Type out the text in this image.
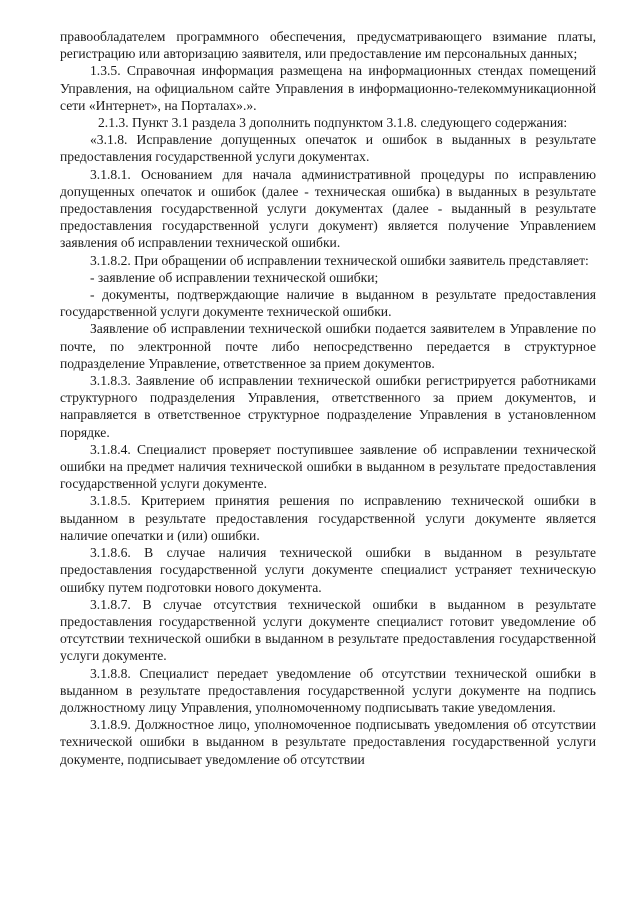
правообладателем программного обеспечения, предусматривающего взимание платы, регистрацию или авторизацию заявителя, или предоставление им персональных данных;

1.3.5. Справочная информация размещена на информационных стендах помещений Управления, на официальном сайте Управления в информационно-телекоммуникационной сети «Интернет», на Порталах».».

2.1.3. Пункт 3.1 раздела 3 дополнить подпунктом 3.1.8. следующего содержания:

«3.1.8. Исправление допущенных опечаток и ошибок в выданных в результате предоставления государственной услуги документах.

3.1.8.1. Основанием для начала административной процедуры по исправлению допущенных опечаток и ошибок (далее - техническая ошибка) в выданных в результате предоставления государственной услуги документах (далее - выданный в результате предоставления государственной услуги документ) является получение Управлением заявления об исправлении технической ошибки.

3.1.8.2. При обращении об исправлении технической ошибки заявитель представляет:

- заявление об исправлении технической ошибки;

- документы, подтверждающие наличие в выданном в результате предоставления государственной услуги документе технической ошибки.

Заявление об исправлении технической ошибки подается заявителем в Управление по почте, по электронной почте либо непосредственно передается в структурное подразделение Управление, ответственное за прием документов.

3.1.8.3. Заявление об исправлении технической ошибки регистрируется работниками структурного подразделения Управления, ответственного за прием документов, и направляется в ответственное структурное подразделение Управления в установленном порядке.

3.1.8.4. Специалист проверяет поступившее заявление об исправлении технической ошибки на предмет наличия технической ошибки в выданном в результате предоставления государственной услуги документе.

3.1.8.5. Критерием принятия решения по исправлению технической ошибки в выданном в результате предоставления государственной услуги документе является наличие опечатки и (или) ошибки.

3.1.8.6. В случае наличия технической ошибки в выданном в результате предоставления государственной услуги документе специалист устраняет техническую ошибку путем подготовки нового документа.

3.1.8.7. В случае отсутствия технической ошибки в выданном в результате предоставления государственной услуги документе специалист готовит уведомление об отсутствии технической ошибки в выданном в результате предоставления государственной услуги документе.

3.1.8.8. Специалист передает уведомление об отсутствии технической ошибки в выданном в результате предоставления государственной услуги документе на подпись должностному лицу Управления, уполномоченному подписывать такие уведомления.

3.1.8.9. Должностное лицо, уполномоченное подписывать уведомления об отсутствии технической ошибки в выданном в результате предоставления государственной услуги документе, подписывает уведомление об отсутствии
